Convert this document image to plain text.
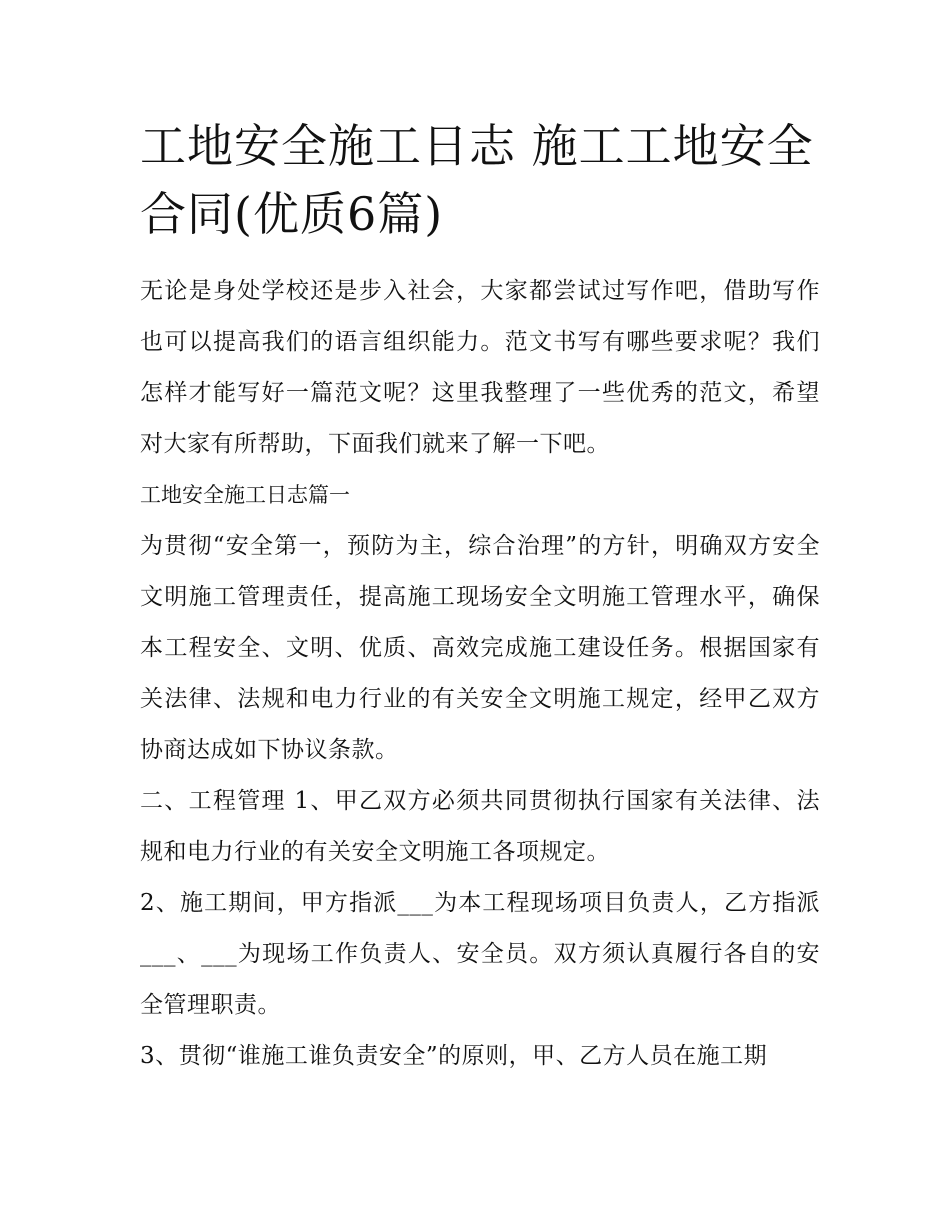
工地安全施工日志 施工工地安全合同(优质6篇)

无论是身处学校还是步入社会，大家都尝试过写作吧，借助写作也可以提高我们的语言组织能力。范文书写有哪些要求呢？我们怎样才能写好一篇范文呢？这里我整理了一些优秀的范文，希望对大家有所帮助，下面我们就来了解一下吧。

工地安全施工日志篇一

为贯彻“安全第一，预防为主，综合治理”的方针，明确双方安全文明施工管理责任，提高施工现场安全文明施工管理水平，确保本工程安全、文明、优质、高效完成施工建设任务。根据国家有关法律、法规和电力行业的有关安全文明施工规定，经甲乙双方协商达成如下协议条款。

二、工程管理 1、甲乙双方必须共同贯彻执行国家有关法律、法规和电力行业的有关安全文明施工各项规定。

2、施工期间，甲方指派___为本工程现场项目负责人，乙方指派___、___为现场工作负责人、安全员。双方须认真履行各自的安全管理职责。

3、贯彻“谁施工谁负责安全”的原则，甲、乙方人员在施工期
